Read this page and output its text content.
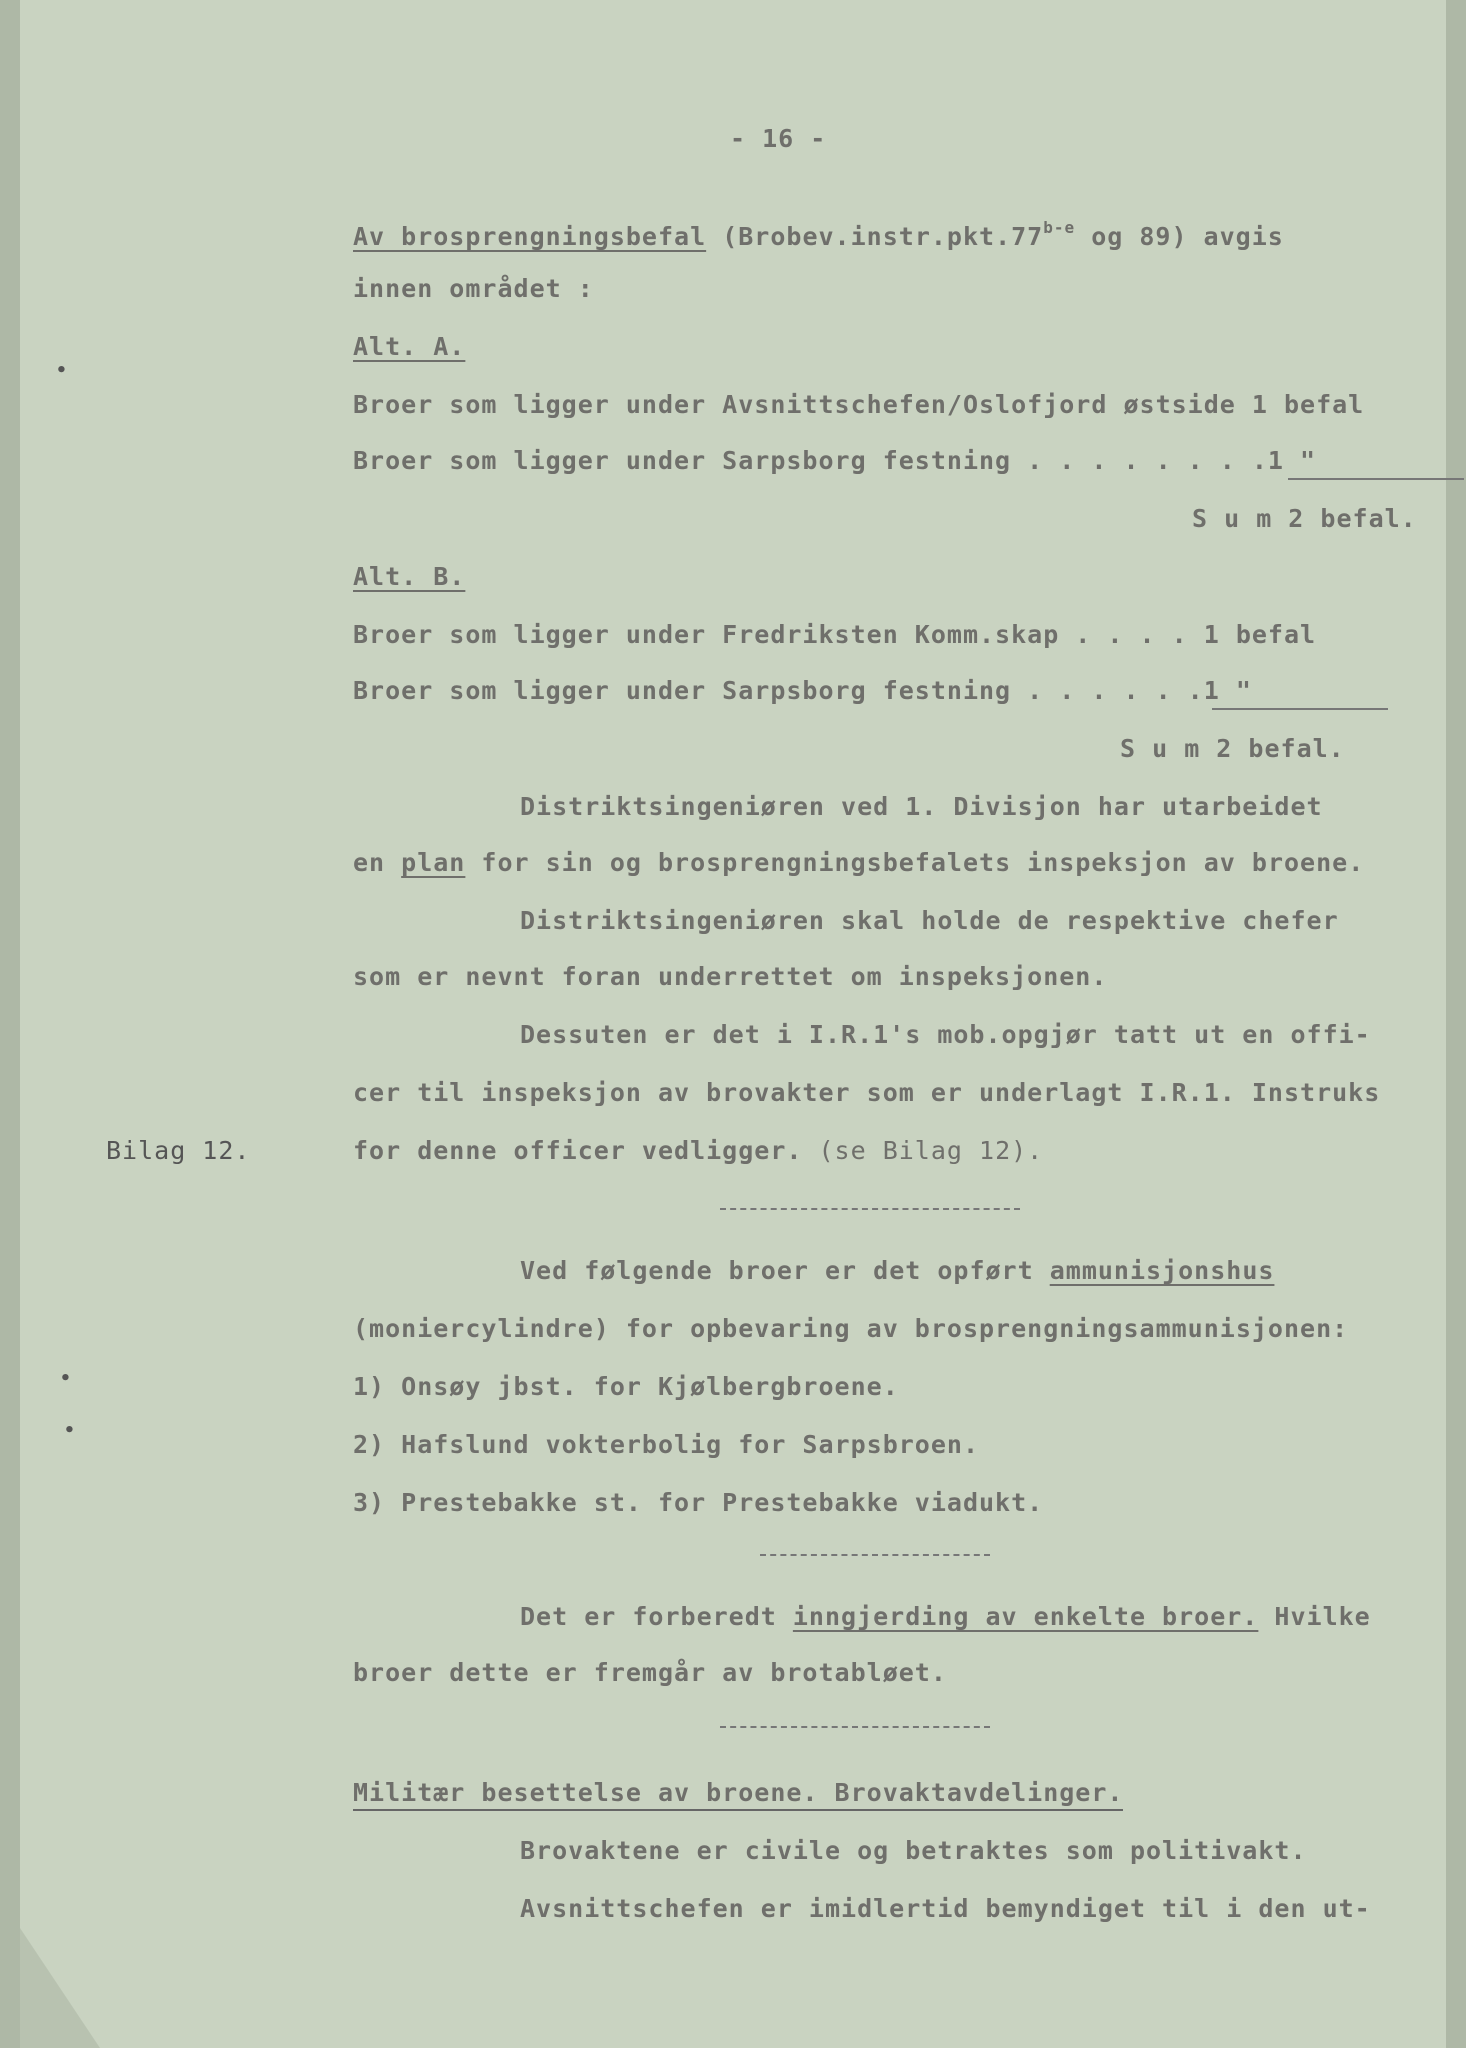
•
•
•
- 16 -
Av brosprengningsbefal (Brobev.instr.pkt.77$^{b-e}$ og 89) avgis
innen området :
Alt. A.
Broer som ligger under Avsnittschefen/Oslofjord østside 1 befal
Broer som ligger under Sarpsborg festning . . . . . . . .1 "
S u m 2 befal.
Alt. B.
Broer som ligger under Fredriksten Komm.skap . . . . 1 befal
Broer som ligger under Sarpsborg festning . . . . . .1 "
S u m 2 befal.
Distriktsingeniøren ved 1. Divisjon har utarbeidet
en plan for sin og brosprengningsbefalets inspeksjon av broene.
Distriktsingeniøren skal holde de respektive chefer
som er nevnt foran underrettet om inspeksjonen.
Dessuten er det i I.R.1's mob.opgjør tatt ut en offi-
cer til inspeksjon av brovakter som er underlagt I.R.1. Instruks
for denne officer vedligger. (se Bilag 12).
Bilag 12.
Ved følgende broer er det opført ammunisjonshus
(moniercylindre) for opbevaring av brosprengningsammunisjonen:
1) Onsøy jbst. for Kjølbergbroene.
2) Hafslund vokterbolig for Sarpsbroen.
3) Prestebakke st. for Prestebakke viadukt.
Det er forberedt inngjerding av enkelte broer. Hvilke
broer dette er fremgår av brotabløet.
Militær besettelse av broene. Brovaktavdelinger.
Brovaktene er civile og betraktes som politivakt.
Avsnittschefen er imidlertid bemyndiget til i den ut-
